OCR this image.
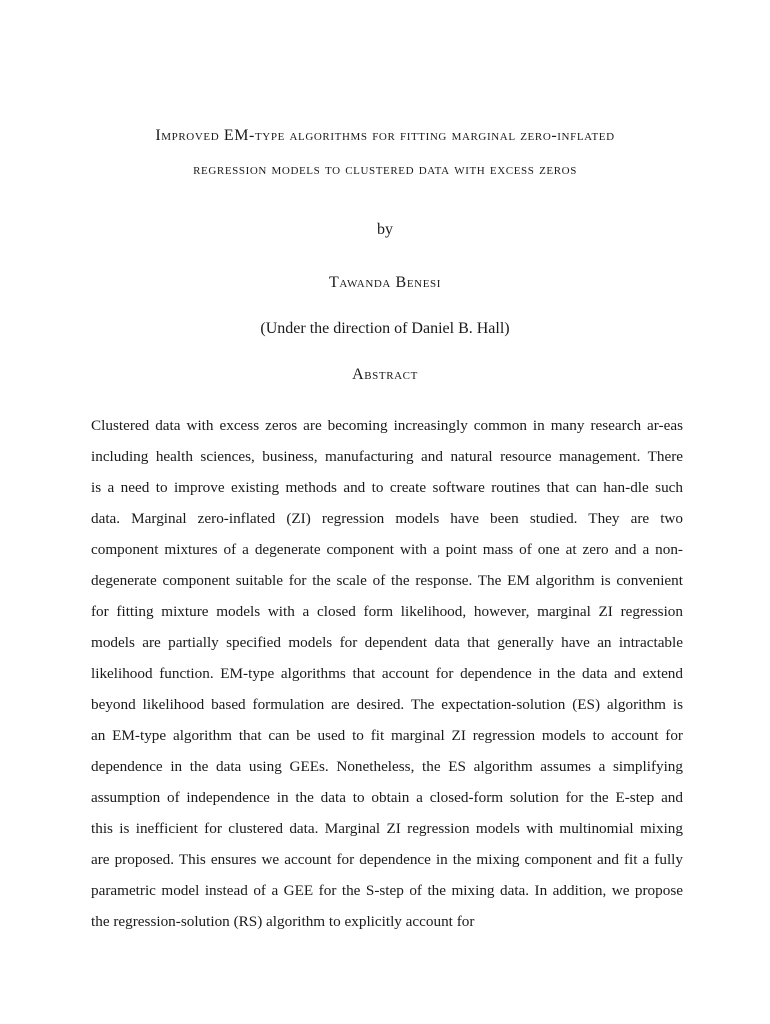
Improved EM-type algorithms for fitting marginal zero-inflated
regression models to clustered data with excess zeros

by

Tawanda Benesi

(Under the direction of Daniel B. Hall)

Abstract
Clustered data with excess zeros are becoming increasingly common in many research ar-eas
including health sciences, business, manufacturing and natural resource management. There
is a need to improve existing methods and to create software routines that can han-dle such
data. Marginal zero-inflated (ZI) regression models have been studied. They are two
component mixtures of a degenerate component with a point mass of one at zero and a non-
degenerate component suitable for the scale of the response. The EM algorithm is convenient
for fitting mixture models with a closed form likelihood, however, marginal ZI regression
models are partially specified models for dependent data that generally have an intractable
likelihood function. EM-type algorithms that account for dependence in the data and extend
beyond likelihood based formulation are desired. The expectation-solution (ES) algorithm is
an EM-type algorithm that can be used to fit marginal ZI regression models to account for
dependence in the data using GEEs. Nonetheless, the ES algorithm assumes a simplifying
assumption of independence in the data to obtain a closed-form solution for the E-step and
this is inefficient for clustered data. Marginal ZI regression models with multinomial mixing
are proposed. This ensures we account for dependence in the mixing component and fit a fully
parametric model instead of a GEE for the S-step of the mixing data. In addition, we propose
the regression-solution (RS) algorithm to explicitly account for
